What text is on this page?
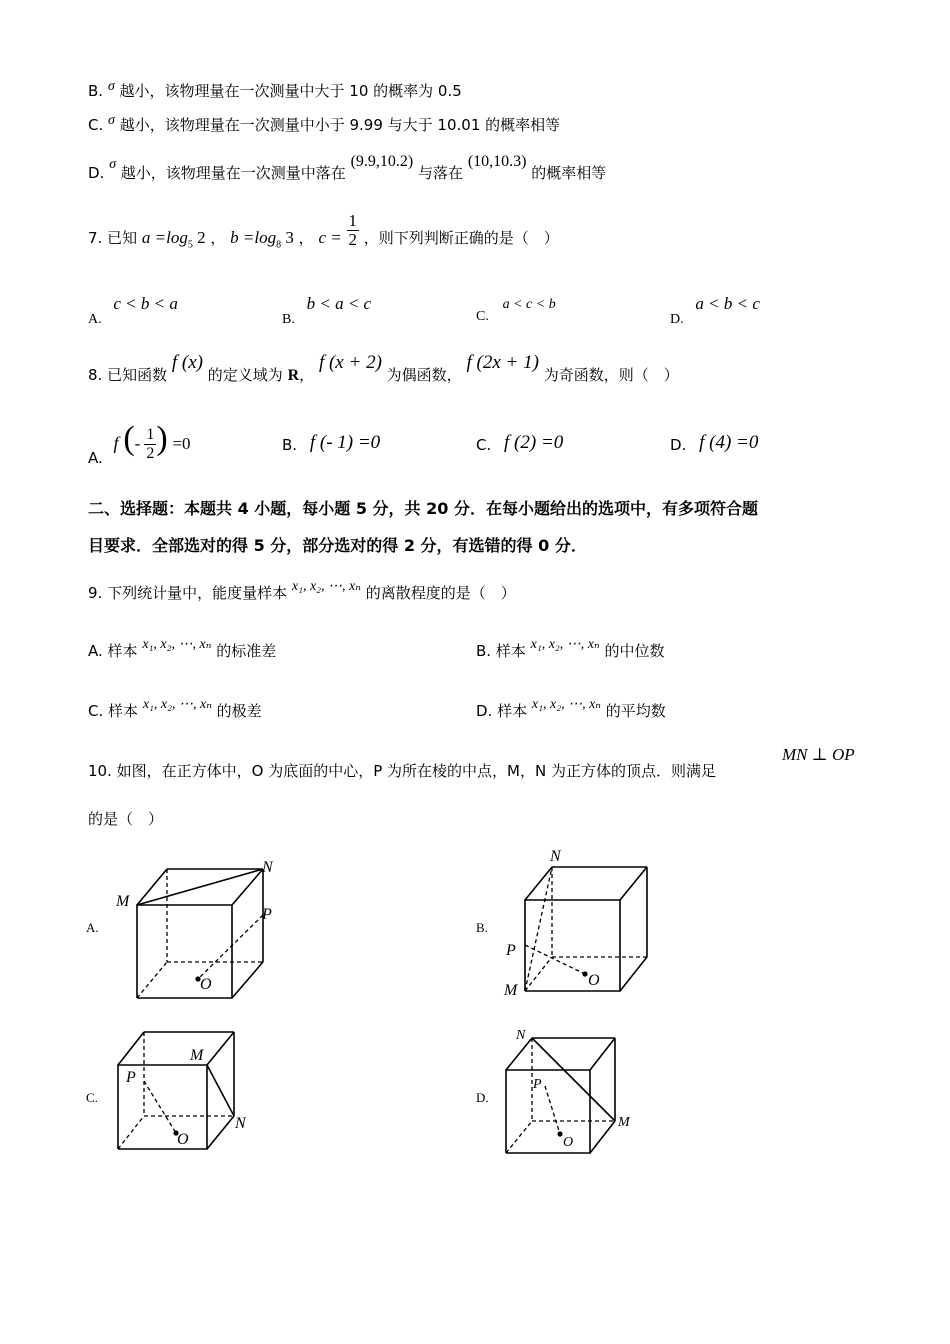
B. σ 越小，该物理量在一次测量中大于 10 的概率为 0.5
C. σ 越小，该物理量在一次测量中小于 9.99 与大于 10.01 的概率相等
D. σ 越小，该物理量在一次测量中落在 (9.9,10.2) 与落在 (10,10.3) 的概率相等
7. 已知 $a =\log_5$ 2 ， $b =\log_8$ 3 ， $c = \frac{1}{2}$ ，则下列判断正确的是（　）
A. c < b < a
B. b < a < c
C. a < c < b
D. a < b < c
8. 已知函数 f (x) 的定义域为 R， f (x + 2) 为偶函数， f (2x + 1) 为奇函数，则（　）
A. f (- $\frac{1}{2}$ ) =0	B. f (- 1) =0	C. f (2) =0	D. f (4) =0
二、选择题：本题共 4 小题，每小题 5 分，共 20 分．在每小题给出的选项中，有多项符合题
目要求．全部选对的得 5 分，部分选对的得 2 分，有选错的得 0 分．
9. 下列统计量中，能度量样本 x₁, x₂, ⋯, xₙ 的离散程度的是（　）
A. 样本 x₁, x₂, ⋯, xₙ 的标准差	B. 样本 x₁, x₂, ⋯, xₙ 的中位数
C. 样本 x₁, x₂, ⋯, xₙ 的极差	D. 样本 x₁, x₂, ⋯, xₙ 的平均数
10. 如图，在正方体中，O 为底面的中心，P 为所在棱的中点，M，N 为正方体的顶点．则满足
MN ⊥ OP
的是（　）
A.
M
N
P
O
B.
N
P
M
O
C.
M
P
N
O
D.
N
P
M
O
